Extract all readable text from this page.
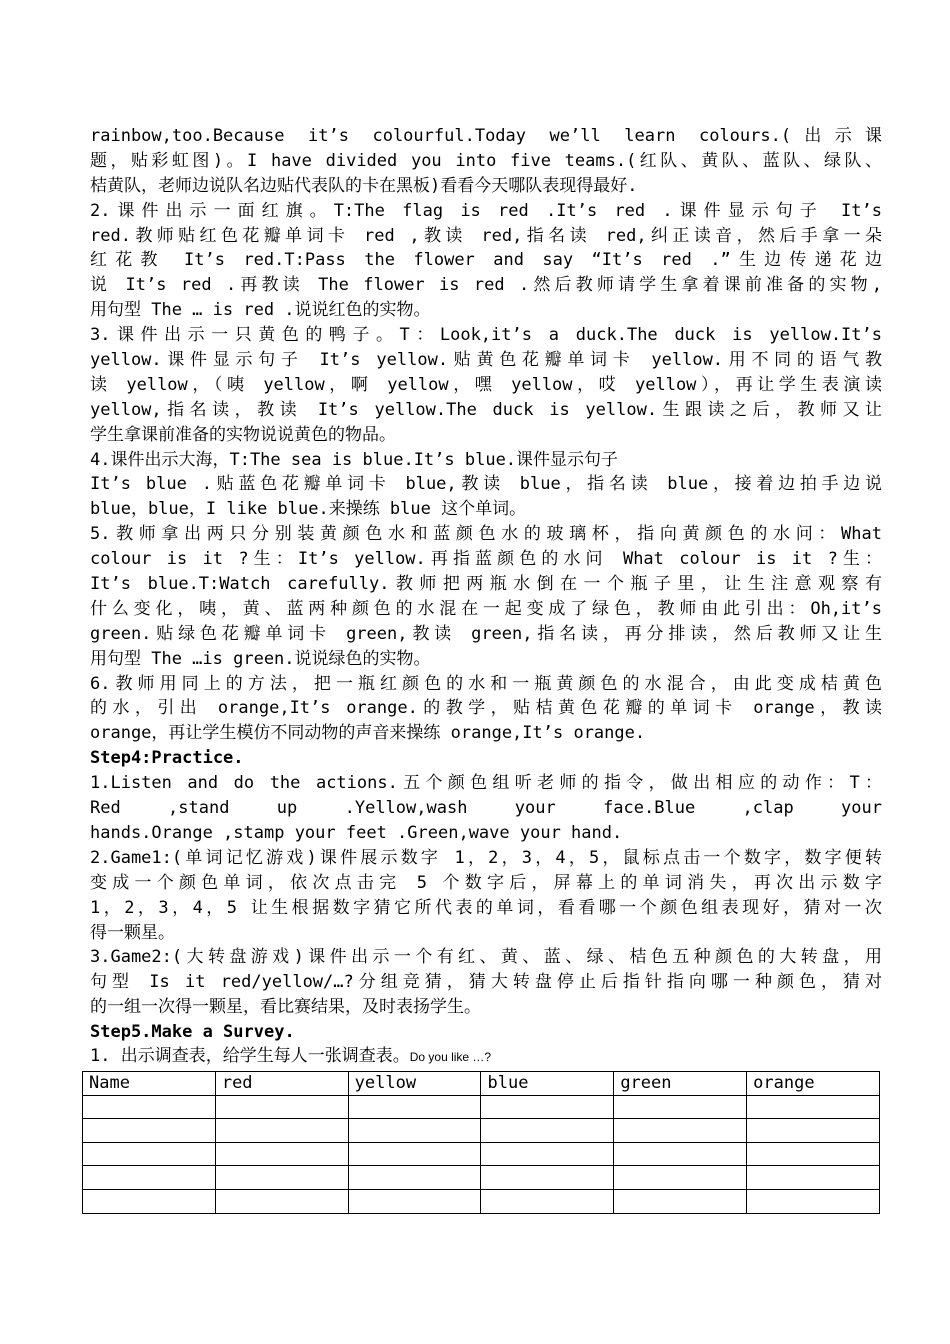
rainbow,too.Because it’s colourful.Today we’ll learn colours.(出示课
题，贴彩虹图)。I have divided you into five teams.(红队、黄队、蓝队、绿队、
桔黄队，老师边说队名边贴代表队的卡在黑板)看看今天哪队表现得最好.
2.课件出示一面红旗。T:The flag is red .It’s red .课件显示句子 It’s
red.教师贴红色花瓣单词卡 red ,教读 red,指名读 red,纠正读音，然后手拿一朵
红花教 It’s red.T:Pass the flower and say “It’s red .”生边传递花边
说 It’s red .再教读 The flower is red .然后教师请学生拿着课前准备的实物,
用句型 The … is red .说说红色的实物。
3.课件出示一只黄色的鸭子。T：Look,it’s a duck.The duck is yellow.It’s
yellow.课件显示句子 It’s yellow.贴黄色花瓣单词卡 yellow.用不同的语气教
读 yellow，（咦 yellow，啊 yellow，嘿 yellow，哎 yellow），再让学生表演读
yellow,指名读，教读 It’s yellow.The duck is yellow.生跟读之后，教师又让
学生拿课前准备的实物说说黄色的物品。
4.课件出示大海，T:The sea is blue.It’s blue.课件显示句子
It’s blue .贴蓝色花瓣单词卡 blue,教读 blue，指名读 blue，接着边拍手边说
blue，blue，I like blue.来操练 blue 这个单词。
5.教师拿出两只分别装黄颜色水和蓝颜色水的玻璃杯，指向黄颜色的水问：What
colour is it ?生：It’s yellow.再指蓝颜色的水问 What colour is it ?生：
It’s blue.T:Watch carefully.教师把两瓶水倒在一个瓶子里，让生注意观察有
什么变化，咦，黄、蓝两种颜色的水混在一起变成了绿色，教师由此引出：Oh,it’s
green.贴绿色花瓣单词卡 green,教读 green,指名读，再分排读，然后教师又让生
用句型 The …is green.说说绿色的实物。
6.教师用同上的方法，把一瓶红颜色的水和一瓶黄颜色的水混合，由此变成桔黄色
的水，引出 orange,It’s orange.的教学，贴桔黄色花瓣的单词卡 orange，教读
orange，再让学生模仿不同动物的声音来操练 orange,It’s orange.
Step4:Practice.
1.Listen and do the actions.五个颜色组听老师的指令，做出相应的动作：T：
Red ,stand up .Yellow,wash your face.Blue ,clap your
hands.Orange ,stamp your feet .Green,wave your hand.
2.Game1:(单词记忆游戏)课件展示数字 1，2，3，4，5，鼠标点击一个数字，数字便转
变成一个颜色单词，依次点击完 5 个数字后，屏幕上的单词消失，再次出示数字
1，2，3，4，5 让生根据数字猜它所代表的单词，看看哪一个颜色组表现好，猜对一次
得一颗星。
3.Game2:(大转盘游戏)课件出示一个有红、黄、蓝、绿、桔色五种颜色的大转盘，用
句型 Is it red/yellow/…?分组竞猜，猜大转盘停止后指针指向哪一种颜色，猜对
的一组一次得一颗星，看比赛结果，及时表扬学生。
Step5.Make a Survey.
1. 出示调查表，给学生每人一张调查表。Do you like …?
Name	red	yellow	blue	green	orange
